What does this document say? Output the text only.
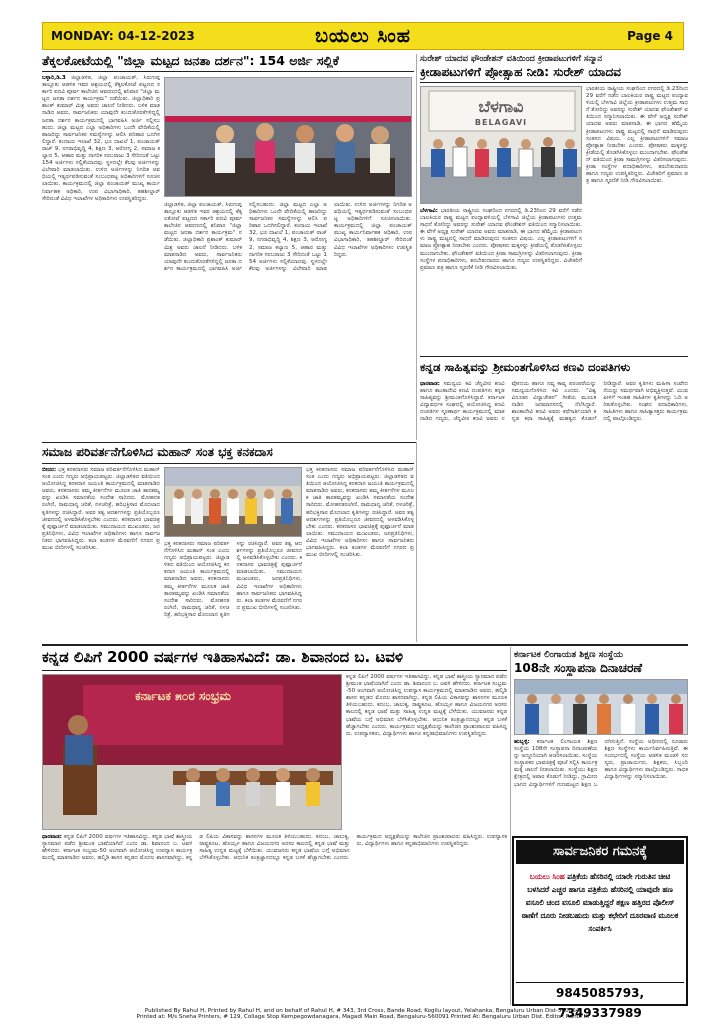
MONDAY: 04-12-2023	ಬಯಲು ಸಿಂಹ	Page 4
ತೆಕ್ಕಲಕೋಟೆಯಲ್ಲಿ "ಜಿಲ್ಲಾ ಮಟ್ಟದ ಜನತಾ ದರ್ಶನ": 154 ಅರ್ಜಿ ಸಲ್ಲಿಕೆ
ಬಳ್ಳಾರಿ,ಡಿ.3 ಜಿಲ್ಲಾಡಳಿತ, ಜಿಲ್ಲಾ ಪಂಚಾಯತ್, ಸಿರುಗುಪ್ಪ ತಾಲ್ಲೂಕು ಆಡಳಿತ ಇವರ ಆಶ್ರಯದಲ್ಲಿ ತೆಕ್ಕಲಕೋಟೆ ಪಟ್ಟಣದ ಸರ್ಕಾರಿ ಪದವಿ ಪೂರ್ವ ಕಾಲೇಜಿನ ಆವರಣದಲ್ಲಿ ಶನಿವಾರ "ಜಿಲ್ಲಾ ಮಟ್ಟದ ಜನತಾ ದರ್ಶನ ಕಾರ್ಯಕ್ರಮ" ನಡೆಯಿತು. ಜಿಲ್ಲಾಧಿಕಾರಿ ಪ್ರಶಾಂತ್ ಕುಮಾರ್ ಮಿಶ್ರ ಅವರು ಚಾಲನೆ ನೀಡಿದರು. ಬಳಿಕ ಮಾತನಾಡಿದ ಅವರು, ಸಾರ್ವಜನಿಕರು ಯಾವುದೇ ಕುಂದುಕೊರತೆಗಳಿದ್ದಲ್ಲಿ ಜನತಾ ದರ್ಶನ ಕಾರ್ಯಕ್ರಮದಲ್ಲಿ ಭಾಗವಹಿಸಿ ಅರ್ಜಿ ಸಲ್ಲಿಸಬಹುದು. ಜಿಲ್ಲಾ ಮಟ್ಟದ ಎಲ್ಲಾ ಅಧಿಕಾರಿಗಳು ಒಂದೇ ವೇದಿಕೆಯಲ್ಲಿ ಹಾಜರಿದ್ದು ಸಾರ್ವಜನಿಕರ ಸಮಸ್ಯೆಗಳನ್ನು ಆಲಿಸಿ ಪರಿಹಾರ ಒದಗಿಸಲಿದ್ದಾರೆ. ಕಂದಾಯ ಇಲಾಖೆ 32, ಭೂ ದಾಖಲೆ 1, ಪಂಚಾಯತ್ ರಾಜ್ 9, ನಗರಾಭಿವೃದ್ಧಿ 4, ಶಿಕ್ಷಣ 3, ಆರೋಗ್ಯ 2, ಸಮಾಜ ಕಲ್ಯಾಣ 5, ಆಹಾರ ಮತ್ತು ನಾಗರಿಕ ಸರಬರಾಜು 3 ಸೇರಿದಂತೆ ಒಟ್ಟು 154 ಅರ್ಜಿಗಳು ಸಲ್ಲಿಕೆಯಾದವು. ಸ್ಥಳದಲ್ಲೇ ಕೆಲವು ಅರ್ಜಿಗಳನ್ನು ವಿಲೇವಾರಿ ಮಾಡಲಾಯಿತು. ಉಳಿದ ಅರ್ಜಿಗಳನ್ನು ನಿಗದಿತ ಅವಧಿಯಲ್ಲಿ ಇತ್ಯರ್ಥಪಡಿಸುವಂತೆ ಸಂಬಂಧಪಟ್ಟ ಅಧಿಕಾರಿಗಳಿಗೆ ಸೂಚಿಸಲಾಯಿತು. ಕಾರ್ಯಕ್ರಮದಲ್ಲಿ ಜಿಲ್ಲಾ ಪಂಚಾಯತ್ ಮುಖ್ಯ ಕಾರ್ಯನಿರ್ವಾಹಕ ಅಧಿಕಾರಿ, ಉಪ ವಿಭಾಗಾಧಿಕಾರಿ, ತಹಶೀಲ್ದಾರ್ ಸೇರಿದಂತೆ ವಿವಿಧ ಇಲಾಖೆಗಳ ಅಧಿಕಾರಿಗಳು ಉಪಸ್ಥಿತರಿದ್ದರು.
ಜಿಲ್ಲಾಡಳಿತ, ಜಿಲ್ಲಾ ಪಂಚಾಯತ್, ಸಿರುಗುಪ್ಪ ತಾಲ್ಲೂಕು ಆಡಳಿತ ಇವರ ಆಶ್ರಯದಲ್ಲಿ ತೆಕ್ಕಲಕೋಟೆ ಪಟ್ಟಣದ ಸರ್ಕಾರಿ ಪದವಿ ಪೂರ್ವ ಕಾಲೇಜಿನ ಆವರಣದಲ್ಲಿ ಶನಿವಾರ "ಜಿಲ್ಲಾ ಮಟ್ಟದ ಜನತಾ ದರ್ಶನ ಕಾರ್ಯಕ್ರಮ" ನಡೆಯಿತು. ಜಿಲ್ಲಾಧಿಕಾರಿ ಪ್ರಶಾಂತ್ ಕುಮಾರ್ ಮಿಶ್ರ ಅವರು ಚಾಲನೆ ನೀಡಿದರು. ಬಳಿಕ ಮಾತನಾಡಿದ ಅವರು, ಸಾರ್ವಜನಿಕರು ಯಾವುದೇ ಕುಂದುಕೊರತೆಗಳಿದ್ದಲ್ಲಿ ಜನತಾ ದರ್ಶನ ಕಾರ್ಯಕ್ರಮದಲ್ಲಿ ಭಾಗವಹಿಸಿ ಅರ್ಜಿ ಸಲ್ಲಿಸಬಹುದು. ಜಿಲ್ಲಾ ಮಟ್ಟದ ಎಲ್ಲಾ ಅಧಿಕಾರಿಗಳು ಒಂದೇ ವೇದಿಕೆಯಲ್ಲಿ ಹಾಜರಿದ್ದು ಸಾರ್ವಜನಿಕರ ಸಮಸ್ಯೆಗಳನ್ನು ಆಲಿಸಿ ಪರಿಹಾರ ಒದಗಿಸಲಿದ್ದಾರೆ. ಕಂದಾಯ ಇಲಾಖೆ 32, ಭೂ ದಾಖಲೆ 1, ಪಂಚಾಯತ್ ರಾಜ್ 9, ನಗರಾಭಿವೃದ್ಧಿ 4, ಶಿಕ್ಷಣ 3, ಆರೋಗ್ಯ 2, ಸಮಾಜ ಕಲ್ಯಾಣ 5, ಆಹಾರ ಮತ್ತು ನಾಗರಿಕ ಸರಬರಾಜು 3 ಸೇರಿದಂತೆ ಒಟ್ಟು 154 ಅರ್ಜಿಗಳು ಸಲ್ಲಿಕೆಯಾದವು. ಸ್ಥಳದಲ್ಲೇ ಕೆಲವು ಅರ್ಜಿಗಳನ್ನು ವಿಲೇವಾರಿ ಮಾಡಲಾಯಿತು. ಉಳಿದ ಅರ್ಜಿಗಳನ್ನು ನಿಗದಿತ ಅವಧಿಯಲ್ಲಿ ಇತ್ಯರ್ಥಪಡಿಸುವಂತೆ ಸಂಬಂಧಪಟ್ಟ ಅಧಿಕಾರಿಗಳಿಗೆ ಸೂಚಿಸಲಾಯಿತು. ಕಾರ್ಯಕ್ರಮದಲ್ಲಿ ಜಿಲ್ಲಾ ಪಂಚಾಯತ್ ಮುಖ್ಯ ಕಾರ್ಯನಿರ್ವಾಹಕ ಅಧಿಕಾರಿ, ಉಪ ವಿಭಾಗಾಧಿಕಾರಿ, ತಹಶೀಲ್ದಾರ್ ಸೇರಿದಂತೆ ವಿವಿಧ ಇಲಾಖೆಗಳ ಅಧಿಕಾರಿಗಳು ಉಪಸ್ಥಿತರಿದ್ದರು.
ಸುರೇಶ್ ಯಾದವ ಫೌಂಡೇಶನ್ ವತಿಯಿಂದ ಕ್ರೀಡಾಪಟುಗಳಿಗೆ ಸನ್ಮಾನ
ಕ್ರೀಡಾಪಟುಗಳಿಗೆ ಪ್ರೋತ್ಸಾಹ ನೀಡಿ: ಸುರೇಶ್ ಯಾದವ
ಬೆಳಗಾವಿ
BELAGAVI
ಭಾರತೀಯ ರಾಷ್ಟ್ರೀಯ ಸಂಘದಿಂದ ನಗರದಲ್ಲಿ ಡಿ.23ರಿಂದ 29 ವರೆಗೆ ನಡೆದ ಬಾಲಕಿಯರ ರಾಷ್ಟ್ರ ಮಟ್ಟದ ಪಂದ್ಯಾವಳಿಯಲ್ಲಿ ಬೆಳಗಾವಿ ಜಿಲ್ಲೆಯ ಕ್ರೀಡಾಪಟುಗಳು ಉತ್ತಮ ಸಾಧನೆ ತೋರಿದ್ದು ಅವರನ್ನು ಸುರೇಶ್ ಯಾದವ ಫೌಂಡೇಶನ್ ವತಿಯಿಂದ ಸನ್ಮಾನಿಸಲಾಯಿತು. ಈ ವೇಳೆ ಅಧ್ಯಕ್ಷ ಸುರೇಶ್ ಯಾದವ ಅವರು ಮಾತನಾಡಿ, ಈ ಭಾಗದ ಹೆಮ್ಮೆಯ ಕ್ರೀಡಾಪಟುಗಳು ರಾಷ್ಟ್ರ ಮಟ್ಟದಲ್ಲಿ ಸಾಧನೆ ಮಾಡಿರುವುದು ಸಂತಸದ ವಿಷಯ. ಎಲ್ಲ ಕ್ರೀಡಾಪಟುಗಳಿಗೆ ಸಮಾಜ ಪ್ರೋತ್ಸಾಹ ನೀಡಬೇಕು ಎಂದರು. ಪೋಷಕರು ಮಕ್ಕಳನ್ನು ಕ್ರೀಡೆಯಲ್ಲಿ ತೊಡಗಿಸಿಕೊಳ್ಳಲು ಮುಂದಾಗಬೇಕು. ಫೌಂಡೇಶನ್ ವತಿಯಿಂದ ಕ್ರೀಡಾ ಸಾಮಗ್ರಿಗಳನ್ನು ವಿತರಿಸಲಾಗುವುದು. ಕ್ರೀಡಾ ಸಂಸ್ಥೆಗಳ ಪದಾಧಿಕಾರಿಗಳು, ತರಬೇತುದಾರರು ಹಾಗೂ ಗಣ್ಯರು ಉಪಸ್ಥಿತರಿದ್ದರು. ವಿಜೇತರಿಗೆ ಪ್ರಮಾಣ ಪತ್ರ ಹಾಗೂ ಸ್ಮರಣಿಕೆ ನೀಡಿ ಗೌರವಿಸಲಾಯಿತು.
ಬೆಳಗಾವಿ: ಭಾರತೀಯ ರಾಷ್ಟ್ರೀಯ ಸಂಘದಿಂದ ನಗರದಲ್ಲಿ ಡಿ.23ರಿಂದ 29 ವರೆಗೆ ನಡೆದ ಬಾಲಕಿಯರ ರಾಷ್ಟ್ರ ಮಟ್ಟದ ಪಂದ್ಯಾವಳಿಯಲ್ಲಿ ಬೆಳಗಾವಿ ಜಿಲ್ಲೆಯ ಕ್ರೀಡಾಪಟುಗಳು ಉತ್ತಮ ಸಾಧನೆ ತೋರಿದ್ದು ಅವರನ್ನು ಸುರೇಶ್ ಯಾದವ ಫೌಂಡೇಶನ್ ವತಿಯಿಂದ ಸನ್ಮಾನಿಸಲಾಯಿತು. ಈ ವೇಳೆ ಅಧ್ಯಕ್ಷ ಸುರೇಶ್ ಯಾದವ ಅವರು ಮಾತನಾಡಿ, ಈ ಭಾಗದ ಹೆಮ್ಮೆಯ ಕ್ರೀಡಾಪಟುಗಳು ರಾಷ್ಟ್ರ ಮಟ್ಟದಲ್ಲಿ ಸಾಧನೆ ಮಾಡಿರುವುದು ಸಂತಸದ ವಿಷಯ. ಎಲ್ಲ ಕ್ರೀಡಾಪಟುಗಳಿಗೆ ಸಮಾಜ ಪ್ರೋತ್ಸಾಹ ನೀಡಬೇಕು ಎಂದರು. ಪೋಷಕರು ಮಕ್ಕಳನ್ನು ಕ್ರೀಡೆಯಲ್ಲಿ ತೊಡಗಿಸಿಕೊಳ್ಳಲು ಮುಂದಾಗಬೇಕು. ಫೌಂಡೇಶನ್ ವತಿಯಿಂದ ಕ್ರೀಡಾ ಸಾಮಗ್ರಿಗಳನ್ನು ವಿತರಿಸಲಾಗುವುದು. ಕ್ರೀಡಾ ಸಂಸ್ಥೆಗಳ ಪದಾಧಿಕಾರಿಗಳು, ತರಬೇತುದಾರರು ಹಾಗೂ ಗಣ್ಯರು ಉಪಸ್ಥಿತರಿದ್ದರು. ವಿಜೇತರಿಗೆ ಪ್ರಮಾಣ ಪತ್ರ ಹಾಗೂ ಸ್ಮರಣಿಕೆ ನೀಡಿ ಗೌರವಿಸಲಾಯಿತು.
ಕನ್ನಡ ಸಾಹಿತ್ಯವನ್ನು ಶ್ರೀಮಂತಗೊಳಿಸಿದ ಕಣವಿ ದಂಪತಿಗಳು
ಧಾರವಾಡ: ಸಮನ್ವಯ ಕವಿ ಚೆನ್ನವೀರ ಕಣವಿ ಹಾಗೂ ಶಾಂತಾದೇವಿ ಕಣವಿ ದಂಪತಿಗಳು ಕನ್ನಡ ಸಾಹಿತ್ಯವನ್ನು ಶ್ರೀಮಂತಗೊಳಿಸಿದ್ದಾರೆ. ಕರ್ನಾಟಕ ವಿದ್ಯಾವರ್ಧಕ ಸಂಘದಲ್ಲಿ ಆಯೋಜಿಸಿದ್ದ ಕಣವಿ ದಂಪತಿಗಳ ಸ್ಮರಣಾರ್ಥ ಕಾರ್ಯಕ್ರಮದಲ್ಲಿ ಮಾತನಾಡಿದ ಗಣ್ಯರು, ಚೆನ್ನವೀರ ಕಣವಿ ಅವರು ನವೋದಯ ಹಾಗೂ ನವ್ಯ ಕಾವ್ಯ ಪರಂಪರೆಯನ್ನು ಸಮನ್ವಯಗೊಳಿಸಿದ ಕವಿ ಎಂದರು. "ವಿಶ್ವವಿನೂತನ ವಿದ್ಯಾಚೇತನ" ಗೀತೆಯ ಮೂಲಕ ನಾಡಿನ ಜನಮಾನಸದಲ್ಲಿ ನೆಲೆಸಿದ್ದಾರೆ. ಶಾಂತಾದೇವಿ ಕಣವಿ ಅವರು ಕಥೆಗಾರ್ತಿಯಾಗಿ ಕನ್ನಡ ಕಥಾ ಸಾಹಿತ್ಯಕ್ಕೆ ಮಹತ್ವದ ಕೊಡುಗೆ ನೀಡಿದ್ದಾರೆ. ಅವರ ಕೃತಿಗಳು ಮಹಿಳಾ ಸಂವೇದನೆಯನ್ನು ಸಮರ್ಥವಾಗಿ ಅಭಿವ್ಯಕ್ತಿಸುತ್ತವೆ. ಯುವ ಪೀಳಿಗೆ ಇಂತಹ ಸಾಹಿತಿಗಳ ಕೃತಿಗಳನ್ನು ಓದಿ ಅರಿತುಕೊಳ್ಳಬೇಕು. ಸಂಘದ ಪದಾಧಿಕಾರಿಗಳು, ಸಾಹಿತಿಗಳು ಹಾಗೂ ಸಾಹಿತ್ಯಾಸಕ್ತರು ಕಾರ್ಯಕ್ರಮದಲ್ಲಿ ಪಾಲ್ಗೊಂಡಿದ್ದರು.
ಸಮಾಜ ಪರಿವರ್ತನೆಗೊಳಿಸಿದ ಮಹಾನ್ ಸಂತ ಭಕ್ತ ಕನಕದಾಸ
ಬೀದರ: ಭಕ್ತ ಕನಕದಾಸರು ಸಮಾಜ ಪರಿವರ್ತನೆಗೊಳಿಸಿದ ಮಹಾನ್ ಸಂತ ಎಂದು ಗಣ್ಯರು ಅಭಿಪ್ರಾಯಪಟ್ಟರು. ಜಿಲ್ಲಾಡಳಿತದ ವತಿಯಿಂದ ಆಯೋಜಿಸಿದ್ದ ಕನಕದಾಸ ಜಯಂತಿ ಕಾರ್ಯಕ್ರಮದಲ್ಲಿ ಮಾತನಾಡಿದ ಅವರು, ಕನಕದಾಸರು ತಮ್ಮ ಕೀರ್ತನೆಗಳ ಮೂಲಕ ಜಾತಿ ತಾರತಮ್ಯವನ್ನು ಖಂಡಿಸಿ ಸಮಾನತೆಯ ಸಂದೇಶ ಸಾರಿದರು. ಮೋಹನತರಂಗಿಣಿ, ರಾಮಧಾನ್ಯ ಚರಿತೆ, ನಳಚರಿತ್ರೆ, ಹರಿಭಕ್ತಿಸಾರ ಮೊದಲಾದ ಕೃತಿಗಳನ್ನು ರಚಿಸಿದ್ದಾರೆ. ಅವರ ತತ್ವ ಆದರ್ಶಗಳನ್ನು ಪ್ರತಿಯೊಬ್ಬರೂ ಜೀವನದಲ್ಲಿ ಅಳವಡಿಸಿಕೊಳ್ಳಬೇಕು ಎಂದರು. ಕನಕದಾಸರ ಭಾವಚಿತ್ರಕ್ಕೆ ಪುಷ್ಪಾರ್ಚನೆ ಮಾಡಲಾಯಿತು. ಸಮುದಾಯದ ಮುಖಂಡರು, ಜನಪ್ರತಿನಿಧಿಗಳು, ವಿವಿಧ ಇಲಾಖೆಗಳ ಅಧಿಕಾರಿಗಳು ಹಾಗೂ ಸಾರ್ವಜನಿಕರು ಭಾಗವಹಿಸಿದ್ದರು. ಕಲಾ ತಂಡಗಳ ಮೆರವಣಿಗೆ ನಗರದ ಪ್ರಮುಖ ಬೀದಿಗಳಲ್ಲಿ ಸಂಚರಿಸಿತು.
ಭಕ್ತ ಕನಕದಾಸರು ಸಮಾಜ ಪರಿವರ್ತನೆಗೊಳಿಸಿದ ಮಹಾನ್ ಸಂತ ಎಂದು ಗಣ್ಯರು ಅಭಿಪ್ರಾಯಪಟ್ಟರು. ಜಿಲ್ಲಾಡಳಿತದ ವತಿಯಿಂದ ಆಯೋಜಿಸಿದ್ದ ಕನಕದಾಸ ಜಯಂತಿ ಕಾರ್ಯಕ್ರಮದಲ್ಲಿ ಮಾತನಾಡಿದ ಅವರು, ಕನಕದಾಸರು ತಮ್ಮ ಕೀರ್ತನೆಗಳ ಮೂಲಕ ಜಾತಿ ತಾರತಮ್ಯವನ್ನು ಖಂಡಿಸಿ ಸಮಾನತೆಯ ಸಂದೇಶ ಸಾರಿದರು. ಮೋಹನತರಂಗಿಣಿ, ರಾಮಧಾನ್ಯ ಚರಿತೆ, ನಳಚರಿತ್ರೆ, ಹರಿಭಕ್ತಿಸಾರ ಮೊದಲಾದ ಕೃತಿಗಳನ್ನು ರಚಿಸಿದ್ದಾರೆ. ಅವರ ತತ್ವ ಆದರ್ಶಗಳನ್ನು ಪ್ರತಿಯೊಬ್ಬರೂ ಜೀವನದಲ್ಲಿ ಅಳವಡಿಸಿಕೊಳ್ಳಬೇಕು ಎಂದರು. ಕನಕದಾಸರ ಭಾವಚಿತ್ರಕ್ಕೆ ಪುಷ್ಪಾರ್ಚನೆ ಮಾಡಲಾಯಿತು. ಸಮುದಾಯದ ಮುಖಂಡರು, ಜನಪ್ರತಿನಿಧಿಗಳು, ವಿವಿಧ ಇಲಾಖೆಗಳ ಅಧಿಕಾರಿಗಳು ಹಾಗೂ ಸಾರ್ವಜನಿಕರು ಭಾಗವಹಿಸಿದ್ದರು. ಕಲಾ ತಂಡಗಳ ಮೆರವಣಿಗೆ ನಗರದ ಪ್ರಮುಖ ಬೀದಿಗಳಲ್ಲಿ ಸಂಚರಿಸಿತು.
ಭಕ್ತ ಕನಕದಾಸರು ಸಮಾಜ ಪರಿವರ್ತನೆಗೊಳಿಸಿದ ಮಹಾನ್ ಸಂತ ಎಂದು ಗಣ್ಯರು ಅಭಿಪ್ರಾಯಪಟ್ಟರು. ಜಿಲ್ಲಾಡಳಿತದ ವತಿಯಿಂದ ಆಯೋಜಿಸಿದ್ದ ಕನಕದಾಸ ಜಯಂತಿ ಕಾರ್ಯಕ್ರಮದಲ್ಲಿ ಮಾತನಾಡಿದ ಅವರು, ಕನಕದಾಸರು ತಮ್ಮ ಕೀರ್ತನೆಗಳ ಮೂಲಕ ಜಾತಿ ತಾರತಮ್ಯವನ್ನು ಖಂಡಿಸಿ ಸಮಾನತೆಯ ಸಂದೇಶ ಸಾರಿದರು. ಮೋಹನತರಂಗಿಣಿ, ರಾಮಧಾನ್ಯ ಚರಿತೆ, ನಳಚರಿತ್ರೆ, ಹರಿಭಕ್ತಿಸಾರ ಮೊದಲಾದ ಕೃತಿಗಳನ್ನು ರಚಿಸಿದ್ದಾರೆ. ಅವರ ತತ್ವ ಆದರ್ಶಗಳನ್ನು ಪ್ರತಿಯೊಬ್ಬರೂ ಜೀವನದಲ್ಲಿ ಅಳವಡಿಸಿಕೊಳ್ಳಬೇಕು ಎಂದರು. ಕನಕದಾಸರ ಭಾವಚಿತ್ರಕ್ಕೆ ಪುಷ್ಪಾರ್ಚನೆ ಮಾಡಲಾಯಿತು. ಸಮುದಾಯದ ಮುಖಂಡರು, ಜನಪ್ರತಿನಿಧಿಗಳು, ವಿವಿಧ ಇಲಾಖೆಗಳ ಅಧಿಕಾರಿಗಳು ಹಾಗೂ ಸಾರ್ವಜನಿಕರು ಭಾಗವಹಿಸಿದ್ದರು. ಕಲಾ ತಂಡಗಳ ಮೆರವಣಿಗೆ ನಗರದ ಪ್ರಮುಖ ಬೀದಿಗಳಲ್ಲಿ ಸಂಚರಿಸಿತು.
ಕನ್ನಡ ಲಿಪಿಗೆ 2000 ವರ್ಷಗಳ ಇತಿಹಾಸವಿದೆ: ಡಾ. ಶಿವಾನಂದ ಬ. ಟವಳಿ
ಕರ್ನಾಟಕ ೫೦ರ ಸಂಭ್ರಮ
ಕನ್ನಡ ಲಿಪಿಗೆ 2000 ವರ್ಷಗಳ ಇತಿಹಾಸವಿದ್ದು, ಕನ್ನಡ ಭಾಷೆ ಶಾಸ್ತ್ರೀಯ ಸ್ಥಾನಮಾನ ಪಡೆದ ಶ್ರೀಮಂತ ಭಾಷೆಯಾಗಿದೆ ಎಂದು ಡಾ. ಶಿವಾನಂದ ಬ. ಟವಳಿ ಹೇಳಿದರು. ಕರ್ನಾಟಕ ಸಂಭ್ರಮ-50 ಅಂಗವಾಗಿ ಆಯೋಜಿಸಿದ್ದ ಉಪನ್ಯಾಸ ಕಾರ್ಯಕ್ರಮದಲ್ಲಿ ಮಾತನಾಡಿದ ಅವರು, ಹಲ್ಮಿಡಿ ಶಾಸನ ಕನ್ನಡದ ಮೊದಲ ಶಾಸನವಾಗಿದ್ದು, ಕನ್ನಡ ಲಿಪಿಯ ವಿಕಾಸವನ್ನು ಶಾಸನಗಳ ಮೂಲಕ ತಿಳಿಯಬಹುದು. ಕದಂಬ, ಚಾಲುಕ್ಯ, ರಾಷ್ಟ್ರಕೂಟ, ಹೊಯ್ಸಳ ಹಾಗೂ ವಿಜಯನಗರ ಅರಸರ ಕಾಲದಲ್ಲಿ ಕನ್ನಡ ಭಾಷೆ ಮತ್ತು ಸಾಹಿತ್ಯ ಉನ್ನತ ಮಟ್ಟಕ್ಕೆ ಬೆಳೆಯಿತು. ಯುವಜನರು ಕನ್ನಡ ಭಾಷೆಯ ಬಗ್ಗೆ ಅಭಿಮಾನ ಬೆಳೆಸಿಕೊಳ್ಳಬೇಕು. ಆಧುನಿಕ ತಂತ್ರಜ್ಞಾನದಲ್ಲೂ ಕನ್ನಡ ಬಳಕೆ ಹೆಚ್ಚಾಗಬೇಕು ಎಂದರು. ಕಾರ್ಯಕ್ರಮದ ಅಧ್ಯಕ್ಷತೆಯನ್ನು ಕಾಲೇಜಿನ ಪ್ರಾಂಶುಪಾಲರು ವಹಿಸಿದ್ದರು. ಉಪನ್ಯಾಸಕರು, ವಿದ್ಯಾರ್ಥಿಗಳು ಹಾಗೂ ಕನ್ನಡಾಭಿಮಾನಿಗಳು ಉಪಸ್ಥಿತರಿದ್ದರು.
ಧಾರವಾಡ: ಕನ್ನಡ ಲಿಪಿಗೆ 2000 ವರ್ಷಗಳ ಇತಿಹಾಸವಿದ್ದು, ಕನ್ನಡ ಭಾಷೆ ಶಾಸ್ತ್ರೀಯ ಸ್ಥಾನಮಾನ ಪಡೆದ ಶ್ರೀಮಂತ ಭಾಷೆಯಾಗಿದೆ ಎಂದು ಡಾ. ಶಿವಾನಂದ ಬ. ಟವಳಿ ಹೇಳಿದರು. ಕರ್ನಾಟಕ ಸಂಭ್ರಮ-50 ಅಂಗವಾಗಿ ಆಯೋಜಿಸಿದ್ದ ಉಪನ್ಯಾಸ ಕಾರ್ಯಕ್ರಮದಲ್ಲಿ ಮಾತನಾಡಿದ ಅವರು, ಹಲ್ಮಿಡಿ ಶಾಸನ ಕನ್ನಡದ ಮೊದಲ ಶಾಸನವಾಗಿದ್ದು, ಕನ್ನಡ ಲಿಪಿಯ ವಿಕಾಸವನ್ನು ಶಾಸನಗಳ ಮೂಲಕ ತಿಳಿಯಬಹುದು. ಕದಂಬ, ಚಾಲುಕ್ಯ, ರಾಷ್ಟ್ರಕೂಟ, ಹೊಯ್ಸಳ ಹಾಗೂ ವಿಜಯನಗರ ಅರಸರ ಕಾಲದಲ್ಲಿ ಕನ್ನಡ ಭಾಷೆ ಮತ್ತು ಸಾಹಿತ್ಯ ಉನ್ನತ ಮಟ್ಟಕ್ಕೆ ಬೆಳೆಯಿತು. ಯುವಜನರು ಕನ್ನಡ ಭಾಷೆಯ ಬಗ್ಗೆ ಅಭಿಮಾನ ಬೆಳೆಸಿಕೊಳ್ಳಬೇಕು. ಆಧುನಿಕ ತಂತ್ರಜ್ಞಾನದಲ್ಲೂ ಕನ್ನಡ ಬಳಕೆ ಹೆಚ್ಚಾಗಬೇಕು ಎಂದರು. ಕಾರ್ಯಕ್ರಮದ ಅಧ್ಯಕ್ಷತೆಯನ್ನು ಕಾಲೇಜಿನ ಪ್ರಾಂಶುಪಾಲರು ವಹಿಸಿದ್ದರು. ಉಪನ್ಯಾಸಕರು, ವಿದ್ಯಾರ್ಥಿಗಳು ಹಾಗೂ ಕನ್ನಡಾಭಿಮಾನಿಗಳು ಉಪಸ್ಥಿತರಿದ್ದರು.
ಕರ್ನಾಟಕ ಲಿಂಗಾಯತ ಶಿಕ್ಷಣ ಸಂಸ್ಥೆಯ
108ನೇ ಸಂಸ್ಥಾಪನಾ ದಿನಾಚರಣೆ
ಹುಬ್ಬಳ್ಳಿ: ಕರ್ನಾಟಕ ಲಿಂಗಾಯತ ಶಿಕ್ಷಣ ಸಂಸ್ಥೆಯ 108ನೇ ಸಂಸ್ಥಾಪನಾ ದಿನಾಚರಣೆಯನ್ನು ಅದ್ದೂರಿಯಾಗಿ ಆಚರಿಸಲಾಯಿತು. ಸಂಸ್ಥೆಯ ಸಂಸ್ಥಾಪಕರ ಭಾವಚಿತ್ರಕ್ಕೆ ಪೂಜೆ ಸಲ್ಲಿಸಿ ಕಾರ್ಯಕ್ರಮಕ್ಕೆ ಚಾಲನೆ ನೀಡಲಾಯಿತು. ಸಂಸ್ಥೆಯು ಶಿಕ್ಷಣ ಕ್ಷೇತ್ರದಲ್ಲಿ ಅಪಾರ ಕೊಡುಗೆ ನೀಡಿದ್ದು, ಗ್ರಾಮೀಣ ಭಾಗದ ವಿದ್ಯಾರ್ಥಿಗಳಿಗೆ ಗುಣಮಟ್ಟದ ಶಿಕ್ಷಣ ಒದಗಿಸುತ್ತಿದೆ. ಸಂಸ್ಥೆಯ ಅಧೀನದಲ್ಲಿ ನೂರಾರು ಶಿಕ್ಷಣ ಸಂಸ್ಥೆಗಳು ಕಾರ್ಯನಿರ್ವಹಿಸುತ್ತಿವೆ. ಈ ಸಂದರ್ಭದಲ್ಲಿ ಸಂಸ್ಥೆಯ ಆಡಳಿತ ಮಂಡಳಿ ಸದಸ್ಯರು, ಪ್ರಾಚಾರ್ಯರು, ಶಿಕ್ಷಕರು, ಸಿಬ್ಬಂದಿ ಹಾಗೂ ವಿದ್ಯಾರ್ಥಿಗಳು ಪಾಲ್ಗೊಂಡಿದ್ದರು. ಸಾಧಕ ವಿದ್ಯಾರ್ಥಿಗಳನ್ನು ಸನ್ಮಾನಿಸಲಾಯಿತು.
ಸಾರ್ವಜನಿಕರ ಗಮನಕ್ಕೆ
ಬಯಲು ಸಿಂಹ ಪತ್ರಿಕೆಯ ಹೆಸರಿನಲ್ಲಿ ಯಾರೇ ಗುರುತಿನ ಚೀಟಿ ಬಳಸಿದರೆ ಎಚ್ಚರ ಹಾಗೂ ಪತ್ರಿಕೆಯ ಹೆಸರಿನಲ್ಲಿ ಯಾವುದೇ ಹಣ ವಸೂಲಿ ಚಂದ ವಸೂಲಿ ಮಾಡುತ್ತಿದ್ದರೆ ತಕ್ಷಣ ಹತ್ತಿರದ ಪೊಲೀಸ್ ಠಾಣೆಗೆ ದೂರು ನೀಡಬಹುದು ಮತ್ತು ಕಛೇರಿಗೆ ದೂರವಾಣಿ ಮೂಲಕ ಸಂಪರ್ಕಿಸಿ
9845085793, 7349337989
Published By Rahul H, Printed by Rahul H, and on behalf of Rahul H, # 343, 3rd Cross, Bande Road, Kogilu layout, Yelahanka, Bengaluru Urban Dist-560064.
Printed at: M/s Sneha Printers, # 129, Collage Stop Kempegowdanagara, Magadi Main Road, Bengaluru-560091 Printed At: Bengaluru Urban Dist. Editor: Rahul H.
